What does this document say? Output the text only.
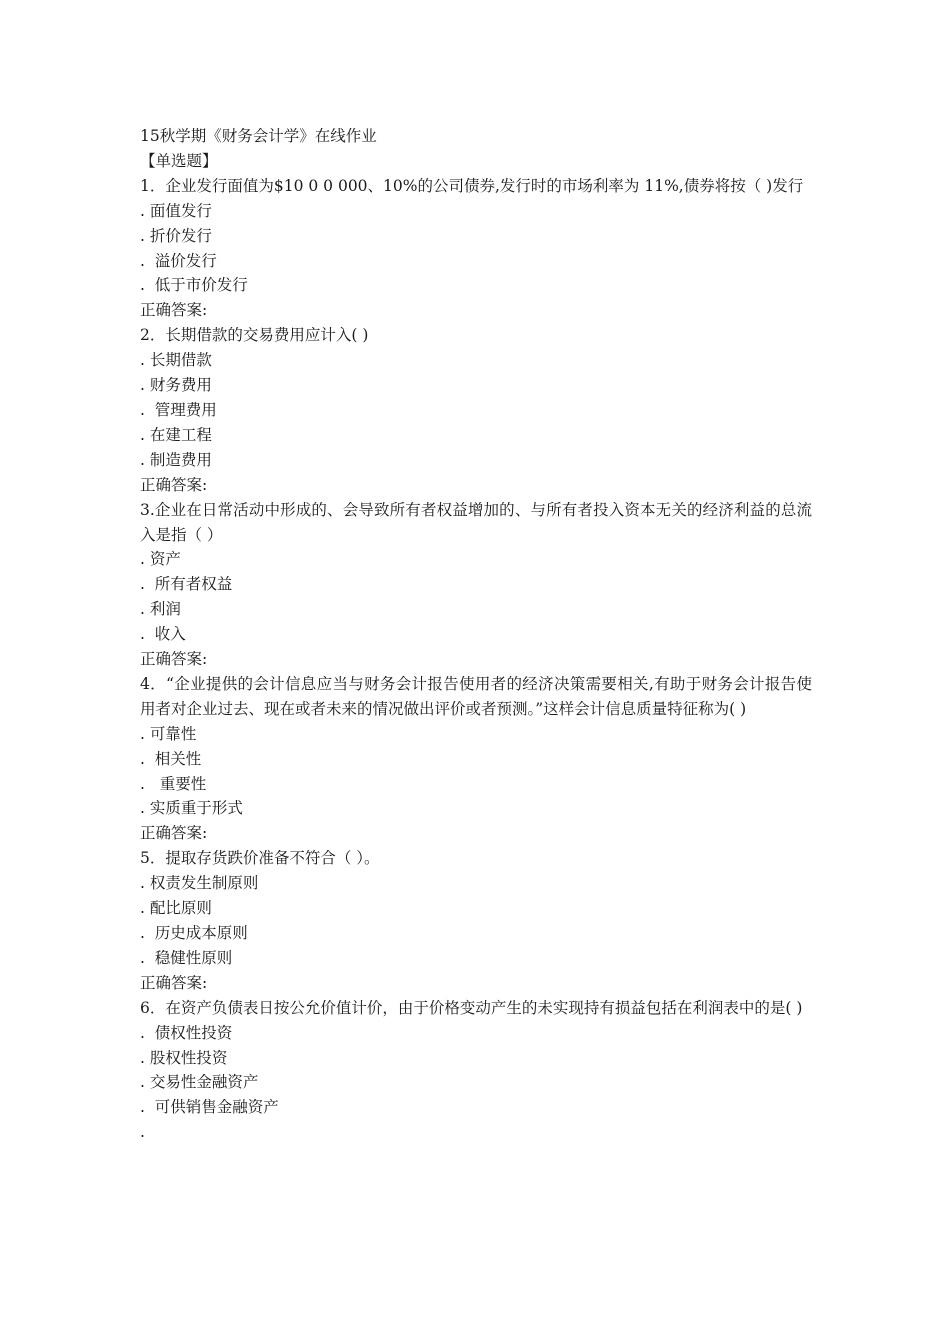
15秋学期《财务会计学》在线作业
【单选题】
1．企业发行面值为$10 0 0 000、10%的公司债券,发行时的市场利率为 11%,债券将按（ )发行
. 面值发行
. 折价发行
.  溢价发行
.  低于市价发行
正确答案:
2．长期借款的交易费用应计入( )
. 长期借款
. 财务费用
.  管理费用
. 在建工程
. 制造费用
正确答案:
3.企业在日常活动中形成的、会导致所有者权益增加的、与所有者投入资本无关的经济利益的总流入是指（ ）
. 资产
.  所有者权益
. 利润
.  收入
正确答案:
4．“企业提供的会计信息应当与财务会计报告使用者的经济决策需要相关,有助于财务会计报告使用者对企业过去、现在或者未来的情况做出评价或者预测。”这样会计信息质量特征称为( )
. 可靠性
.  相关性
.   重要性
. 实质重于形式
正确答案:
5．提取存货跌价准备不符合（ ）。
. 权责发生制原则
. 配比原则
.  历史成本原则
.  稳健性原则
正确答案:
6．在资产负债表日按公允价值计价，由于价格变动产生的未实现持有损益包括在利润表中的是( )
.  债权性投资
. 股权性投资
. 交易性金融资产
.  可供销售金融资产
.
